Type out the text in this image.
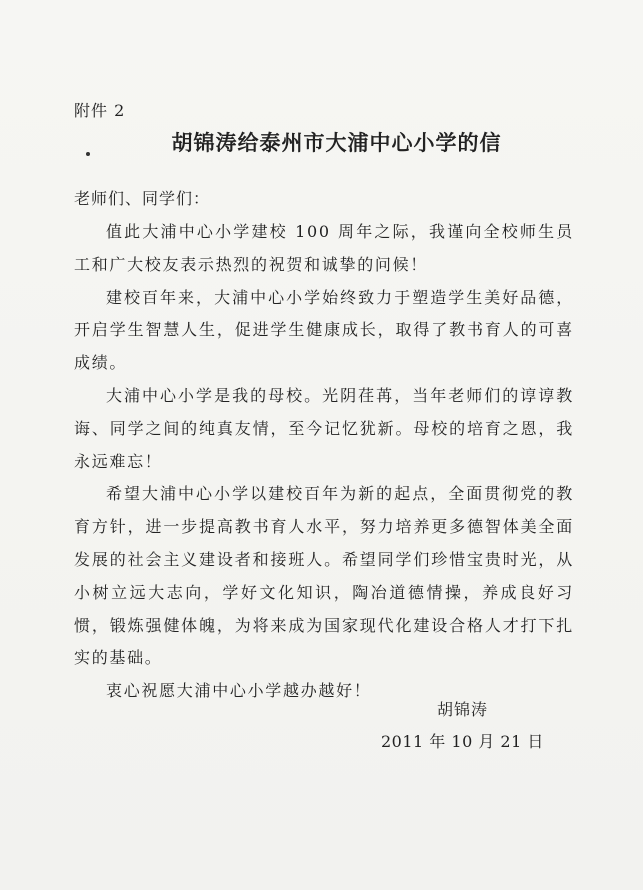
附件 2
胡锦涛给泰州市大浦中心小学的信
老师们、同学们：

值此大浦中心小学建校 100 周年之际，我谨向全校师生员工和广大校友表示热烈的祝贺和诚挚的问候！

建校百年来，大浦中心小学始终致力于塑造学生美好品德，开启学生智慧人生，促进学生健康成长，取得了教书育人的可喜成绩。

大浦中心小学是我的母校。光阴荏苒，当年老师们的谆谆教诲、同学之间的纯真友情，至今记忆犹新。母校的培育之恩，我永远难忘！

希望大浦中心小学以建校百年为新的起点，全面贯彻党的教育方针，进一步提高教书育人水平，努力培养更多德智体美全面发展的社会主义建设者和接班人。希望同学们珍惜宝贵时光，从小树立远大志向，学好文化知识，陶冶道德情操，养成良好习惯，锻炼强健体魄，为将来成为国家现代化建设合格人才打下扎实的基础。

衷心祝愿大浦中心小学越办越好！

胡锦涛
2011 年 10 月 21 日
